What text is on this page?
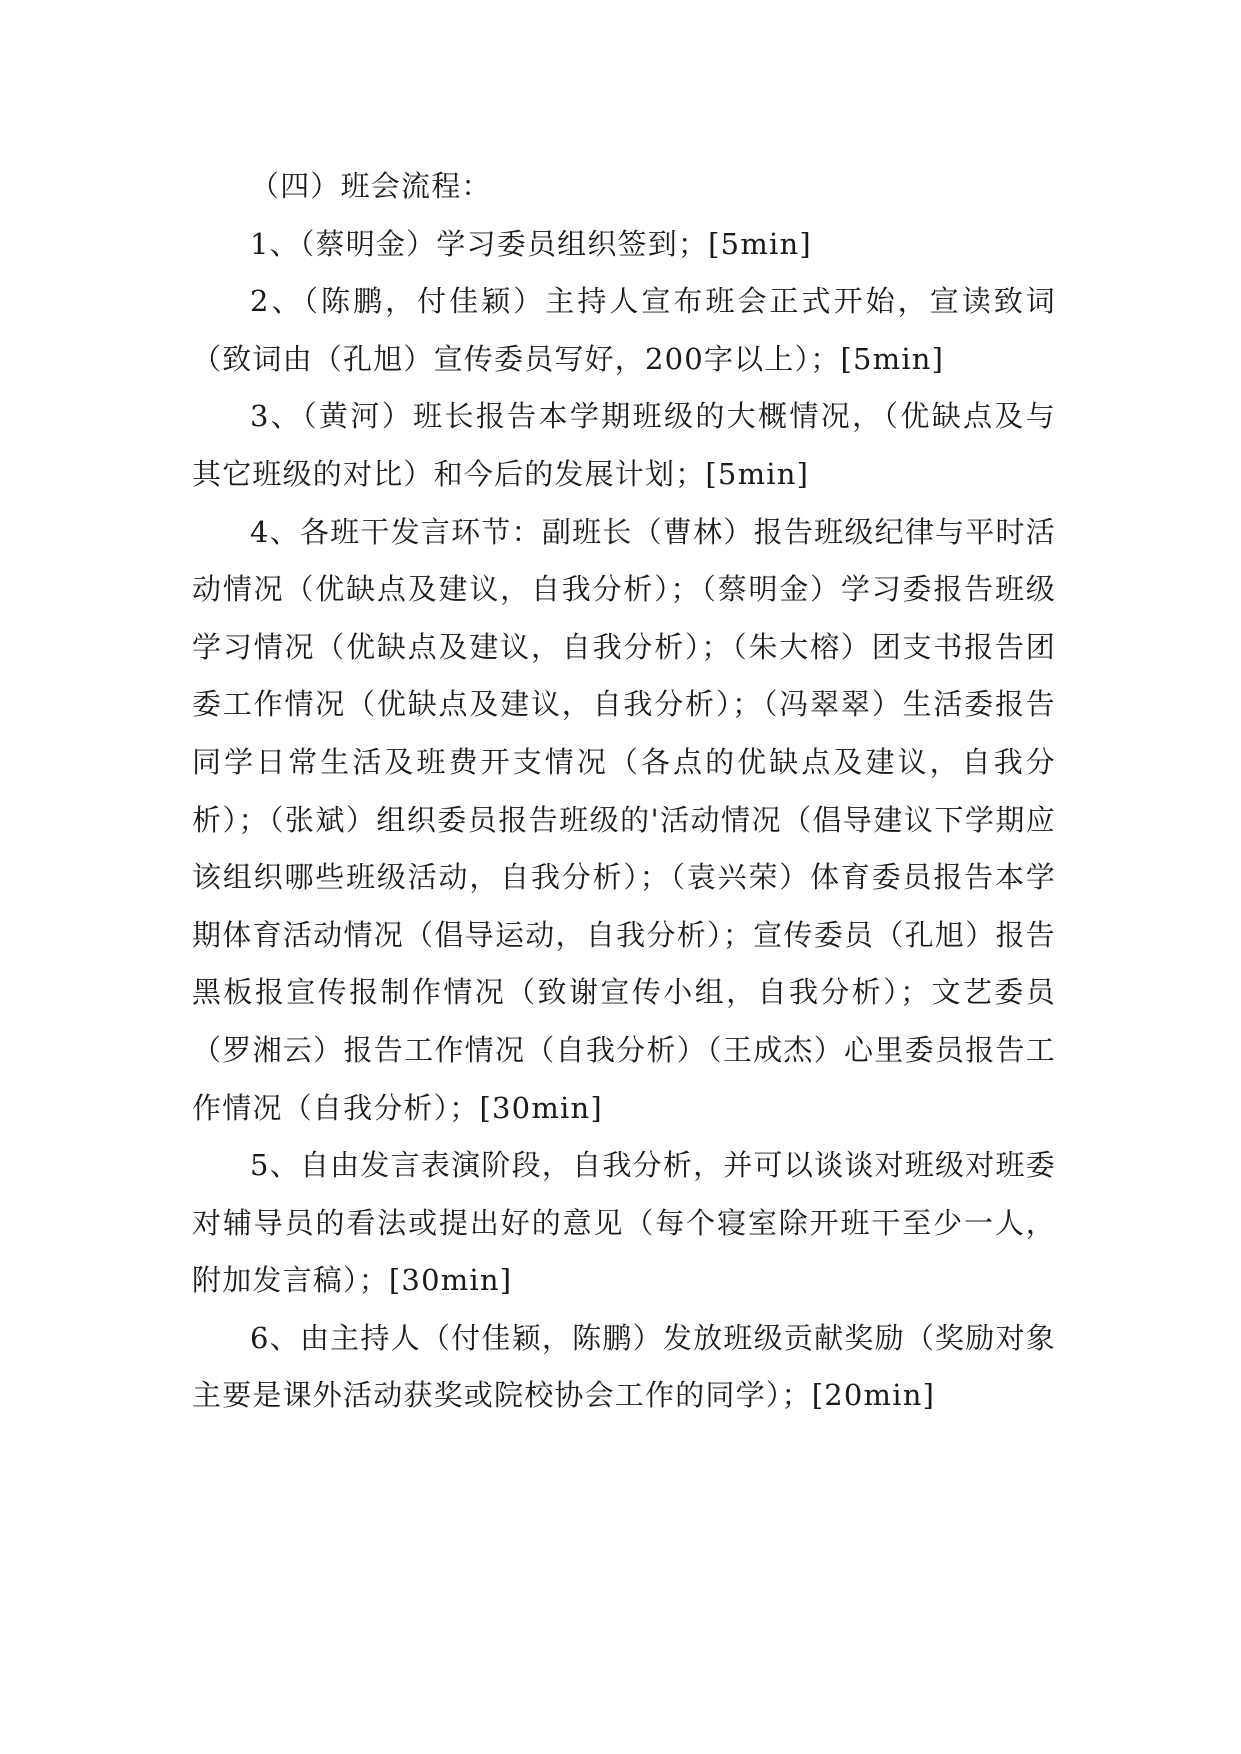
（四）班会流程：

1、（蔡明金）学习委员组织签到；[5min]

2、（陈鹏，付佳颖）主持人宣布班会正式开始，宣读致词（致词由（孔旭）宣传委员写好，200字以上）；[5min]

3、（黄河）班长报告本学期班级的大概情况，（优缺点及与其它班级的对比）和今后的发展计划；[5min]

4、各班干发言环节：副班长（曹林）报告班级纪律与平时活动情况（优缺点及建议，自我分析）；（蔡明金）学习委报告班级学习情况（优缺点及建议，自我分析）；（朱大榕）团支书报告团委工作情况（优缺点及建议，自我分析）；（冯翠翠）生活委报告同学日常生活及班费开支情况（各点的优缺点及建议，自我分析）；（张斌）组织委员报告班级的'活动情况（倡导建议下学期应该组织哪些班级活动，自我分析）；（袁兴荣）体育委员报告本学期体育活动情况（倡导运动，自我分析）；宣传委员（孔旭）报告黑板报宣传报制作情况（致谢宣传小组，自我分析）；文艺委员（罗湘云）报告工作情况（自我分析）（王成杰）心里委员报告工作情况（自我分析）；[30min]

5、自由发言表演阶段，自我分析，并可以谈谈对班级对班委对辅导员的看法或提出好的意见（每个寝室除开班干至少一人，附加发言稿）；[30min]

6、由主持人（付佳颖，陈鹏）发放班级贡献奖励（奖励对象主要是课外活动获奖或院校协会工作的同学）；[20min]
